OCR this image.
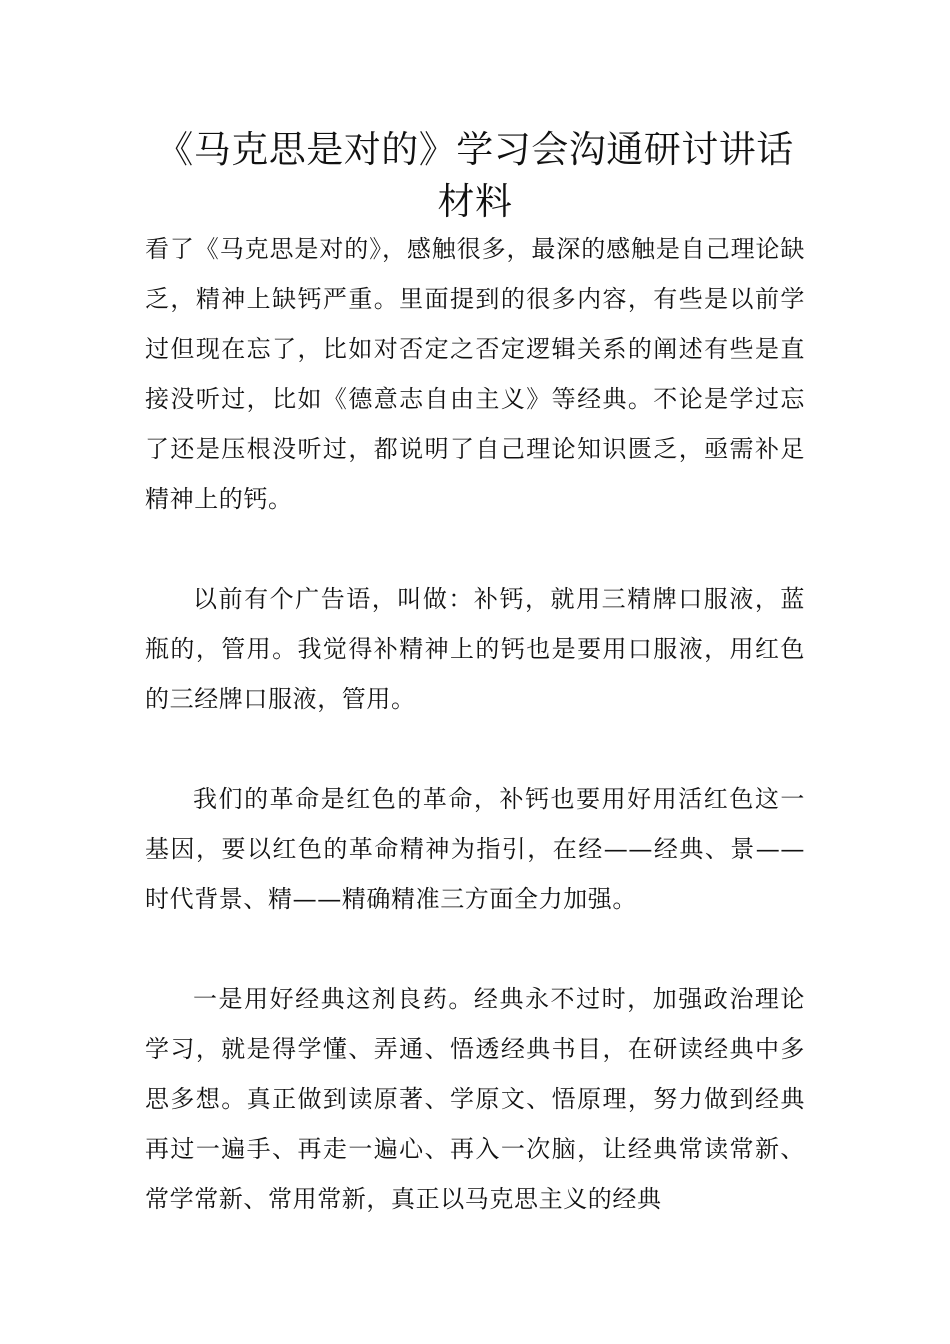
《马克思是对的》学习会沟通研讨讲话材料

看了《马克思是对的》，感触很多，最深的感触是自己理论缺乏，精神上缺钙严重。里面提到的很多内容，有些是以前学过但现在忘了，比如对否定之否定逻辑关系的阐述有些是直接没听过，比如《德意志自由主义》等经典。不论是学过忘了还是压根没听过，都说明了自己理论知识匮乏，亟需补足精神上的钙。

以前有个广告语，叫做：补钙，就用三精牌口服液，蓝瓶的，管用。我觉得补精神上的钙也是要用口服液，用红色的三经牌口服液，管用。

我们的革命是红色的革命，补钙也要用好用活红色这一基因，要以红色的革命精神为指引，在经——经典、景——时代背景、精——精确精准三方面全力加强。

一是用好经典这剂良药。经典永不过时，加强政治理论学习，就是得学懂、弄通、悟透经典书目，在研读经典中多思多想。真正做到读原著、学原文、悟原理，努力做到经典再过一遍手、再走一遍心、再入一次脑，让经典常读常新、常学常新、常用常新，真正以马克思主义的经典
